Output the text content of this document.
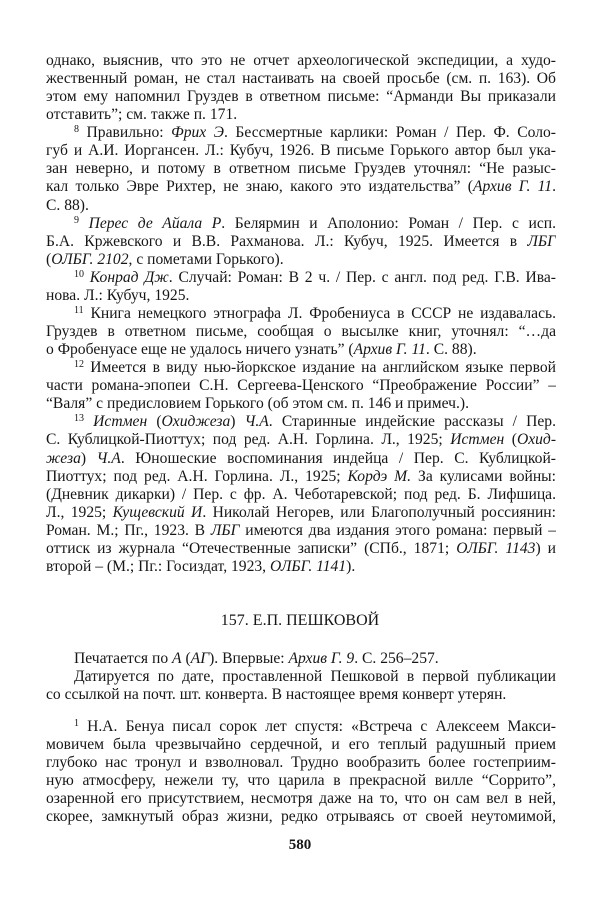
однако, выяснив, что это не отчет археологической экспедиции, а худо-
жественный роман, не стал настаивать на своей просьбе (см. п. 163). Об
этом ему напомнил Груздев в ответном письме: “Арманди Вы приказали
отставить”; см. также п. 171.
$^8$ Правильно: Фрих Э. Бессмертные карлики: Роман / Пер. Ф. Соло-
губ и А.И. Иоргансен. Л.: Кубуч, 1926. В письме Горького автор был ука-
зан неверно, и потому в ответном письме Груздев уточнял: “Не разыс-
кал только Эвре Рихтер, не знаю, какого это издательства” (Архив Г. 11.
С. 88).
$^9$ Перес де Айала Р. Белярмин и Аполонио: Роман / Пер. с исп.
Б.А. Кржевского и В.В. Рахманова. Л.: Кубуч, 1925. Имеется в ЛБГ
(ОЛБГ. 2102, с пометами Горького).
$^{10}$ Конрад Дж. Случай: Роман: В 2 ч. / Пер. с англ. под ред. Г.В. Ива-
нова. Л.: Кубуч, 1925.
$^{11}$ Книга немецкого этнографа Л. Фробениуса в СССР не издавалась.
Груздев в ответном письме, сообщая о высылке книг, уточнял: “…да
о Фробенуасе еще не удалось ничего узнать” (Архив Г. 11. С. 88).
$^{12}$ Имеется в виду нью-йоркское издание на английском языке первой
части романа-эпопеи С.Н. Сергеева-Ценского “Преображение России” –
“Валя” с предисловием Горького (об этом см. п. 146 и примеч.).
$^{13}$ Истмен (Охиджеза) Ч.А. Старинные индейские рассказы / Пер.
С. Кублицкой-Пиоттух; под ред. А.Н. Горлина. Л., 1925; Истмен (Охид-
жеза) Ч.А. Юношеские воспоминания индейца / Пер. С. Кублицкой-
Пиоттух; под ред. А.Н. Горлина. Л., 1925; Кордэ М. За кулисами войны:
(Дневник дикарки) / Пер. с фр. А. Чеботаревской; под ред. Б. Лифшица.
Л., 1925; Кущевский И. Николай Негорев, или Благополучный россиянин:
Роман. М.; Пг., 1923. В ЛБГ имеются два издания этого романа: первый –
оттиск из журнала “Отечественные записки” (СПб., 1871; ОЛБГ. 1143) и
второй – (М.; Пг.: Госиздат, 1923, ОЛБГ. 1141).
157. Е.П. ПЕШКОВОЙ
Печатается по А (АГ). Впервые: Архив Г. 9. С. 256–257.
Датируется по дате, проставленной Пешковой в первой публикации
со ссылкой на почт. шт. конверта. В настоящее время конверт утерян.
$^1$ Н.А. Бенуа писал сорок лет спустя: «Встреча с Алексеем Макси-
мовичем была чрезвычайно сердечной, и его теплый радушный прием
глубоко нас тронул и взволновал. Трудно вообразить более гостеприим-
ную атмосферу, нежели ту, что царила в прекрасной вилле “Соррито”,
озаренной его присутствием, несмотря даже на то, что он сам вел в ней,
скорее, замкнутый образ жизни, редко отрываясь от своей неутомимой,
580
